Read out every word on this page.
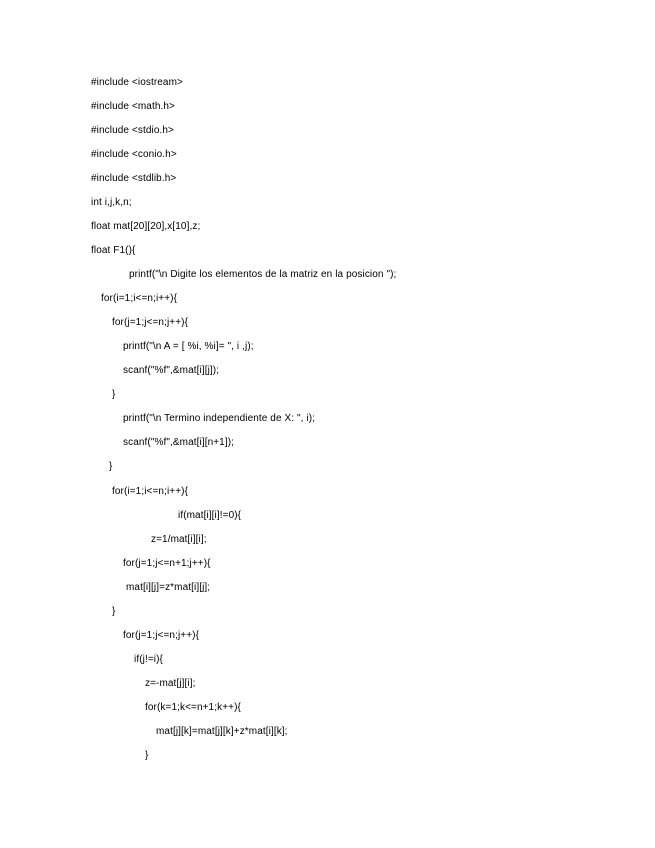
#include <iostream>

#include <math.h>

#include <stdio.h>

#include <conio.h>

#include <stdlib.h>

int i,j,k,n;

float mat[20][20],x[10],z;

float F1(){

printf("\n Digite los elementos de la matriz en la posicion ");

for(i=1;i<=n;i++){

for(j=1;j<=n;j++){

printf("\n A = [ %i, %i]= ", i ,j);

scanf("%f",&mat[i][j]);

}

printf("\n Termino independiente de X: ", i);

scanf("%f",&mat[i][n+1]);

}

for(i=1;i<=n;i++){

if(mat[i][i]!=0){

z=1/mat[i][i];

for(j=1;j<=n+1;j++){

mat[i][j]=z*mat[i][j];

}

for(j=1;j<=n;j++){

if(j!=i){

z=-mat[j][i];

for(k=1;k<=n+1;k++){

mat[j][k]=mat[j][k]+z*mat[i][k];

}
